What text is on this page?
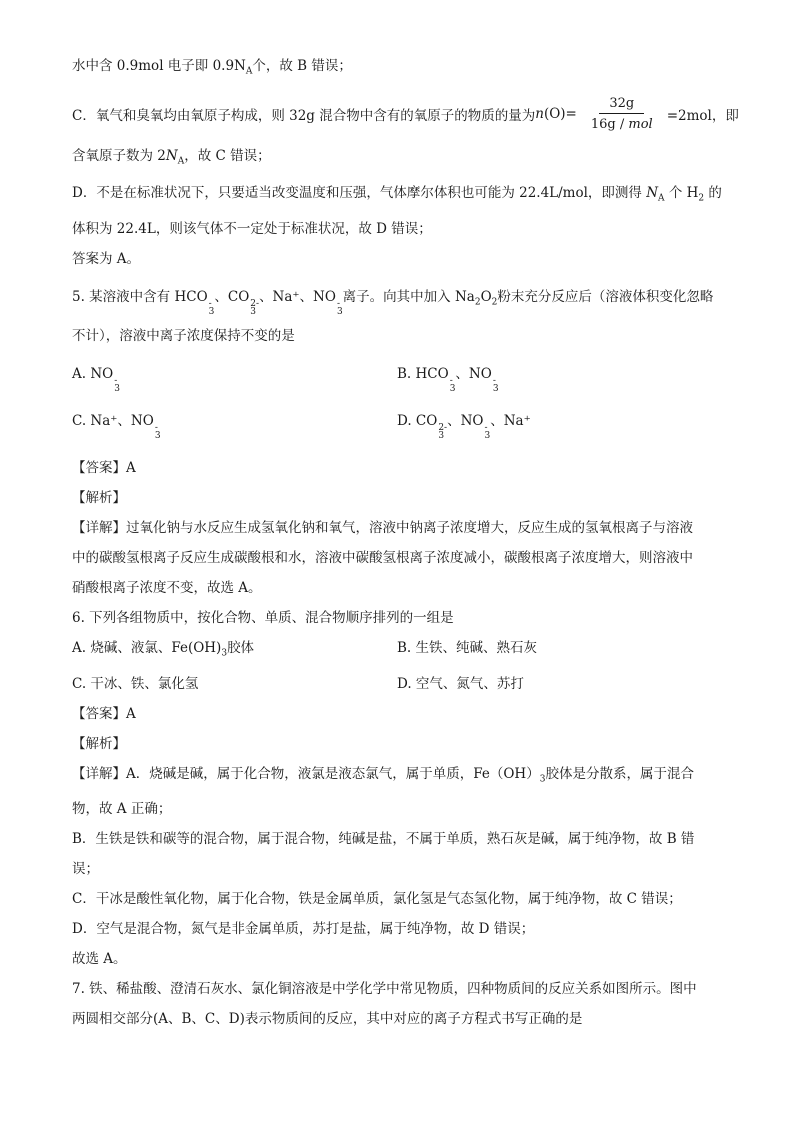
水中含 0.9mol 电子即 $0.9N_A$个，故 B 错误；
C．氧气和臭氧均由氧原子构成，则 32g 混合物中含有的氧原子的物质的量为 n $(O)= \frac{32g}{\text{16g / mol}} =2mol$，即
含氧原子数为 $2N_A$，故 C 错误；
D．不是在标准状况下，只要适当改变温度和压强，气体摩尔体积也可能为 22.4L/mol，即测得 $N_A$ 个 $H_2$ 的
体积为 22.4L，则该气体不一定处于标准状况，故 D 错误；
答案为 A。
5. 某溶液中含有 HCO -
3
、CO 2-
3
、Na⁺、NO -
3
离子。向其中加入 $Na_2O_2$粉末充分反应后（溶液体积变化忽略
不计），溶液中离子浓度保持不变的是
A. NO -
3
B. HCO -
3
、NO -
3
C. Na⁺、NO -
3
D. CO 2-
3
、NO -
3
、Na⁺
【答案】A
【解析】
【详解】过氧化钠与水反应生成氢氧化钠和氧气，溶液中钠离子浓度增大，反应生成的氢氧根离子与溶液
中的碳酸氢根离子反应生成碳酸根和水，溶液中碳酸氢根离子浓度减小，碳酸根离子浓度增大，则溶液中
硝酸根离子浓度不变，故选 A。
6. 下列各组物质中，按化合物、单质、混合物顺序排列的一组是
A. 烧碱、液氯、$Fe(OH)_3$胶体	B. 生铁、纯碱、熟石灰
C. 干冰、铁、氯化氢	D. 空气、氮气、苏打
【答案】A
【解析】
【详解】A．烧碱是碱，属于化合物，液氯是液态氯气，属于单质，$Fe(OH)_3$胶体是分散系，属于混合
物，故 A 正确；
B．生铁是铁和碳等的混合物，属于混合物，纯碱是盐，不属于单质，熟石灰是碱，属于纯净物，故 B 错
误；
C．干冰是酸性氧化物，属于化合物，铁是金属单质，氯化氢是气态氢化物，属于纯净物，故 C 错误；
D．空气是混合物，氮气是非金属单质，苏打是盐，属于纯净物，故 D 错误；
故选 A。
7. 铁、稀盐酸、澄清石灰水、氯化铜溶液是中学化学中常见物质，四种物质间的反应关系如图所示。图中
两圆相交部分(A、B、C、D)表示物质间的反应，其中对应的离子方程式书写正确的是
